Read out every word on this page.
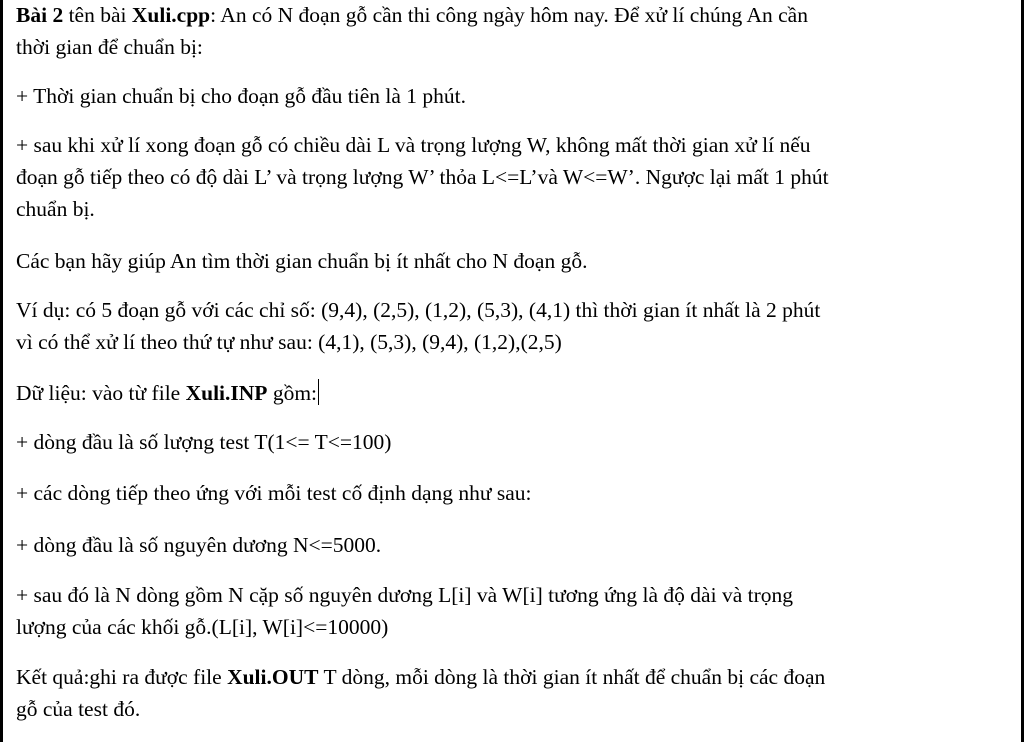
Bài 2 tên bài Xuli.cpp: An có N đoạn gỗ cần thi công ngày hôm nay. Để xử lí chúng An cần
thời gian để chuẩn bị:
+ Thời gian chuẩn bị cho đoạn gỗ đầu tiên là 1 phút.
+ sau khi xử lí xong đoạn gỗ có chiều dài L và trọng lượng W, không mất thời gian xử lí nếu
đoạn gỗ tiếp theo có độ dài L’ và trọng lượng W’ thỏa L<=L’và W<=W’. Ngược lại mất 1 phút
chuẩn bị.
Các bạn hãy giúp An tìm thời gian chuẩn bị ít nhất cho N đoạn gỗ.
Ví dụ: có 5 đoạn gỗ với các chỉ số: (9,4), (2,5), (1,2), (5,3), (4,1) thì thời gian ít nhất là 2 phút
vì có thể xử lí theo thứ tự như sau: (4,1), (5,3), (9,4), (1,2),(2,5)
Dữ liệu: vào từ file Xuli.INP gồm:
+ dòng đầu là số lượng test T(1<= T<=100)
+ các dòng tiếp theo ứng với mỗi test cố định dạng như sau:
+ dòng đầu là số nguyên dương N<=5000.
+ sau đó là N dòng gồm N cặp số nguyên dương L[i] và W[i] tương ứng là độ dài và trọng
lượng của các khối gỗ.(L[i], W[i]<=10000)
Kết quả:ghi ra được file Xuli.OUT T dòng, mỗi dòng là thời gian ít nhất để chuẩn bị các đoạn
gỗ của test đó.
